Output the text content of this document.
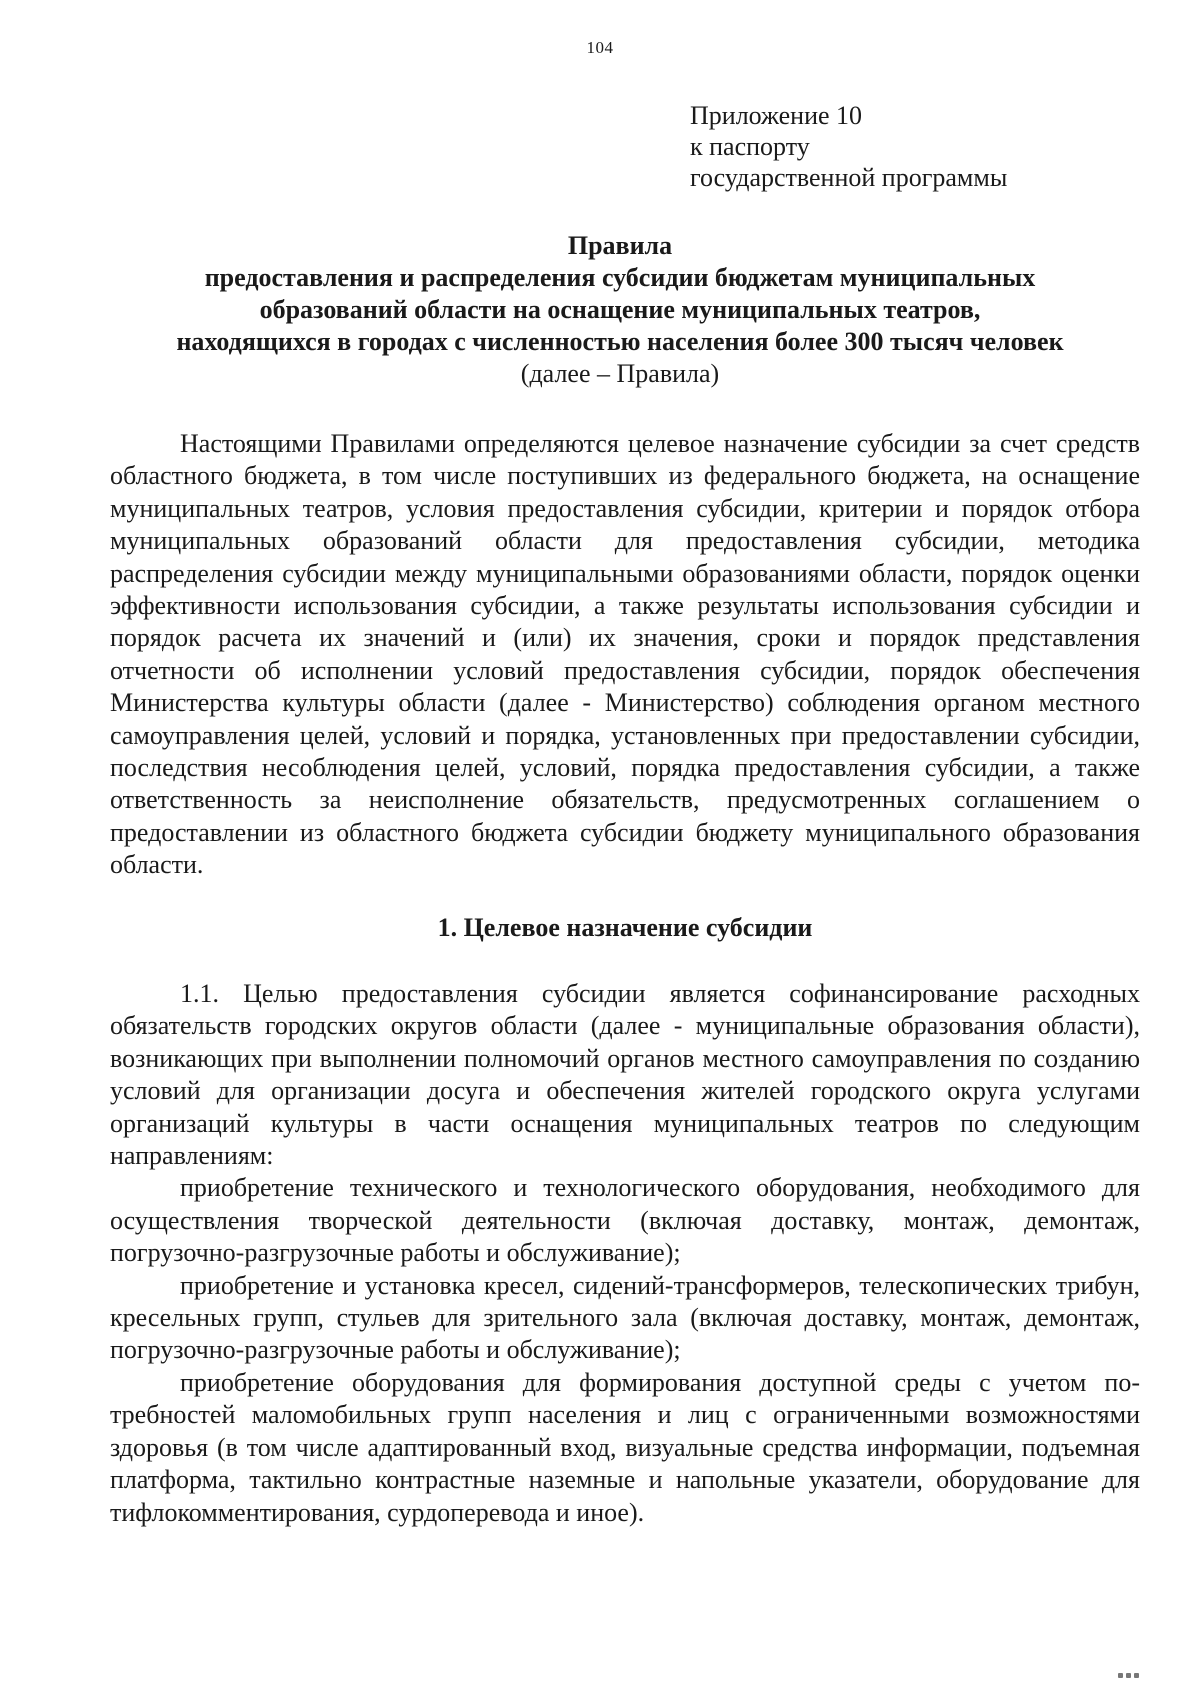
104
Приложение 10
к паспорту
государственной программы
Правила
предоставления и распределения субсидии бюджетам муниципальных
образований области на оснащение муниципальных театров,
находящихся в городах с численностью населения более 300 тысяч человек
(далее – Правила)

Настоящими Правилами определяются целевое назначение субсидии за счет средств областного бюджета, в том числе поступивших из федерального бюджета, на оснащение муниципальных театров, условия предоставления субсидии, критерии и порядок отбора муниципальных образований области для предоставления субсидии, методика распределения субсидии между муниципальными образованиями области, порядок оценки эффективности использования субсидии, а также результаты использования субсидии и порядок расчета их значений и (или) их значения, сроки и порядок представления отчетности об исполнении условий предоставления субсидии, порядок обеспечения Министерства культуры области (далее - Министерство) соблюдения органом местного самоуправления целей, условий и порядка, установленных при предоставлении субсидии, последствия несоблюдения целей, условий, порядка предоставления субсидии, а также ответственность за неисполнение обязательств, предусмотренных соглашением о предоставлении из областного бюджета субсидии бюджету муниципального образования области.

1. Целевое назначение субсидии

1.1. Целью предоставления субсидии является софинансирование расходных обязательств городских округов области (далее - муниципальные образования области), возникающих при выполнении полномочий органов местного самоуправления по созданию условий для организации досуга и обеспечения жителей городского округа услугами организаций культуры в части оснащения муниципальных театров по следующим направлениям:

приобретение технического и технологического оборудования, необходимого для осуществления творческой деятельности (включая доставку, монтаж, демонтаж, погрузочно-разгрузочные работы и обслуживание);

приобретение и установка кресел, сидений-трансформеров, телескопических трибун, кресельных групп, стульев для зрительного зала (включая доставку, монтаж, демонтаж, погрузочно-разгрузочные работы и обслуживание);

приобретение оборудования для формирования доступной среды с учетом потребностей маломобильных групп населения и лиц с ограниченными возможностями здоровья (в том числе адаптированный вход, визуальные средства информации, подъемная платформа, тактильно контрастные наземные и напольные указатели, оборудование для тифлокомментирования, сурдоперевода и иное).
